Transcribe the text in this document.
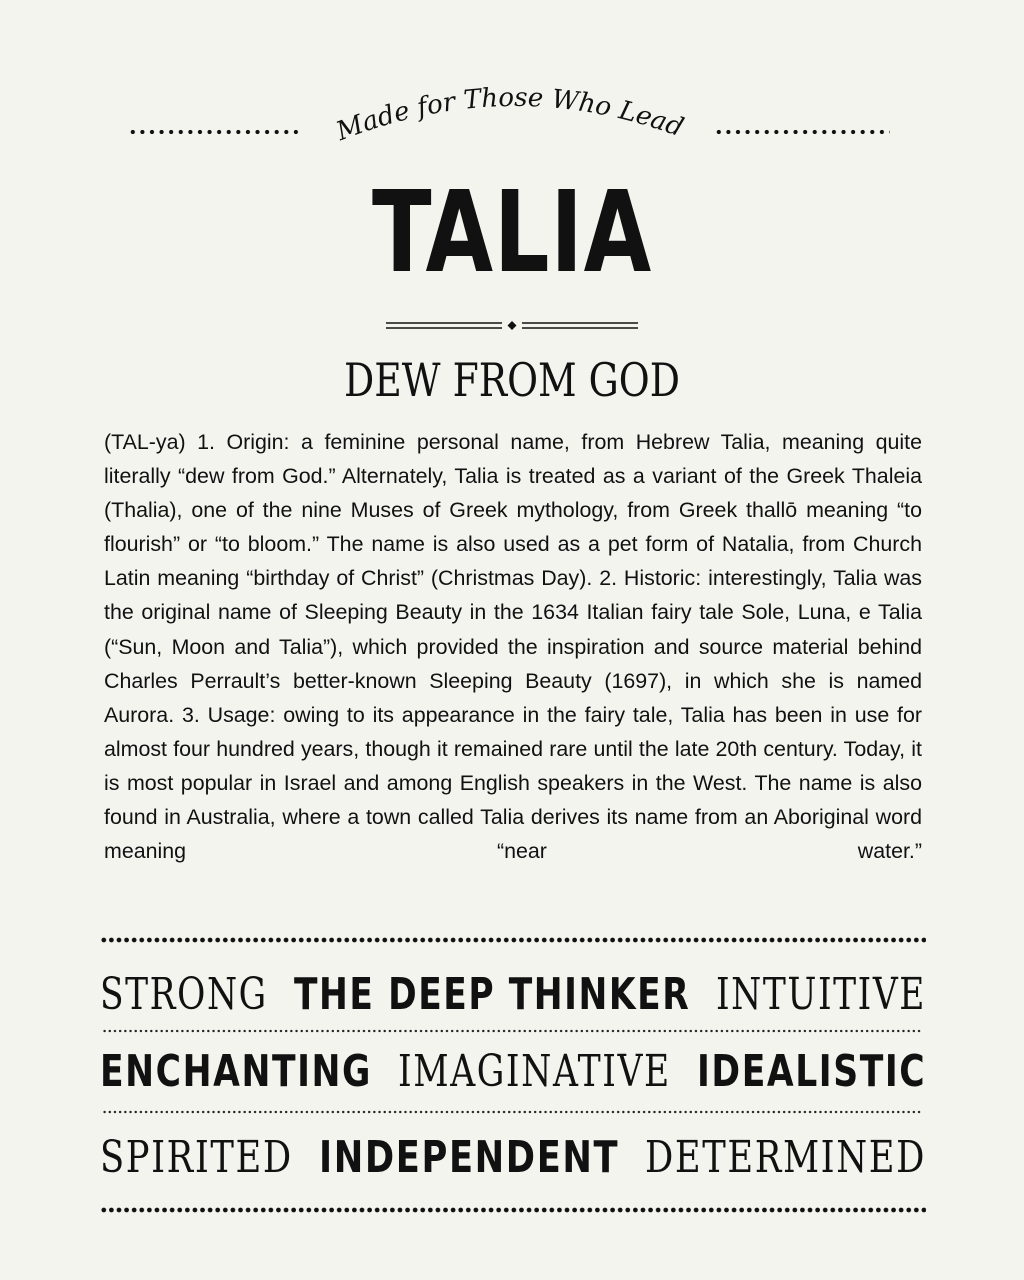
Made for Those Who Lead
TALIA
DEW FROM GOD

(TAL-ya) 1. Origin: a feminine personal name, from Hebrew Talia, meaning quite literally “dew from God.” Alternately, Talia is treated as a variant of the Greek Thaleia (Thalia), one of the nine Muses of Greek mythology, from Greek thallō meaning “to flourish” or “to bloom.” The name is also used as a pet form of Natalia, from Church Latin meaning “birthday of Christ” (Christmas Day). 2. Historic: interestingly, Talia was the original name of Sleeping Beauty in the 1634 Italian fairy tale Sole, Luna, e Talia (“Sun, Moon and Talia”), which provided the inspiration and source material behind Charles Perrault’s better-known Sleeping Beauty (1697), in which she is named Aurora. 3. Usage: owing to its appearance in the fairy tale, Talia has been in use for almost four hundred years, though it remained rare until the late 20th century. Today, it is most popular in Israel and among English speakers in the West. The name is also found in Australia, where a town called Talia derives its name from an Aboriginal word meaning “near water.”

STRONG THE DEEP THINKER INTUITIVE
ENCHANTING IMAGINATIVE IDEALISTIC
SPIRITED INDEPENDENT DETERMINED
